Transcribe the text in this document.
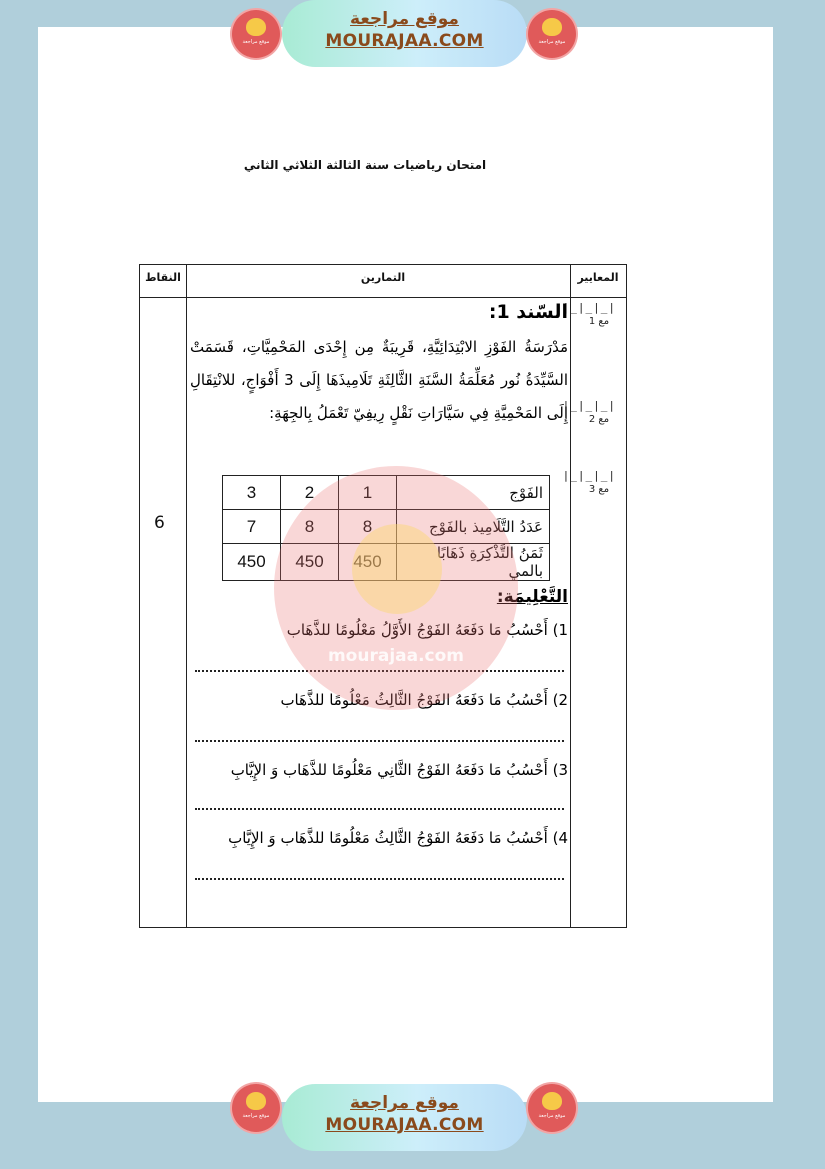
موقع مراجعة
MOURAJAA.COM
موقع مراجعة	موقع مراجعة
امتحان رياضيات سنة الثالثة الثلاثي الثاني
المعايير
التمارين
النقاط
|_|_|_|
مع 1
|_|_|_|
مع 2
|_|_|_|
مع 3
6
السّند 1:
مَدْرَسَةُ الفَوْزِ الابْتِدَائِيَّةِ، قَرِيبَةٌ مِن إِحْدَى المَحْمِيَّاتِ، قَسَمَتْ السَّيِّدَةُ نُور مُعَلِّمَةُ السَّنَةِ الثَّالِثَةِ تَلَامِيذَهَا إِلَى 3 أَفْوَاجٍ، للانْتِقَالِ إِلَى المَحْمِيَّةِ فِي سَيَّارَاتِ نَقْلٍ رِيفِيّ تَعْمَلُ بِالجِهَةِ:
الفَوْج	1	2	3
عَدَدُ التَّلَامِيذ بالفَوْج	8	8	7
ثَمَنُ التَّذْكِرَةِ ذَهَابًا بالمي	450	450	450
التَّعْلِيمَة:
1) أَحْسُبُ مَا دَفَعَهُ الفَوْجُ الأَوَّلُ مَعْلُومًا للذَّهَاب
2) أَحْسُبُ مَا دَفَعَهُ الفَوْجُ الثَّالِثُ مَعْلُومًا للذَّهَاب
3) أَحْسُبُ مَا دَفَعَهُ الفَوْجُ الثَّانِي مَعْلُومًا للذَّهَاب وَ الإِيَّابِ
4) أَحْسُبُ مَا دَفَعَهُ الفَوْجُ الثَّالِثُ مَعْلُومًا للذَّهَاب وَ الإِيَّابِ
mourajaa.com
موقع مراجعة
MOURAJAA.COM
موقع مراجعة	موقع مراجعة
